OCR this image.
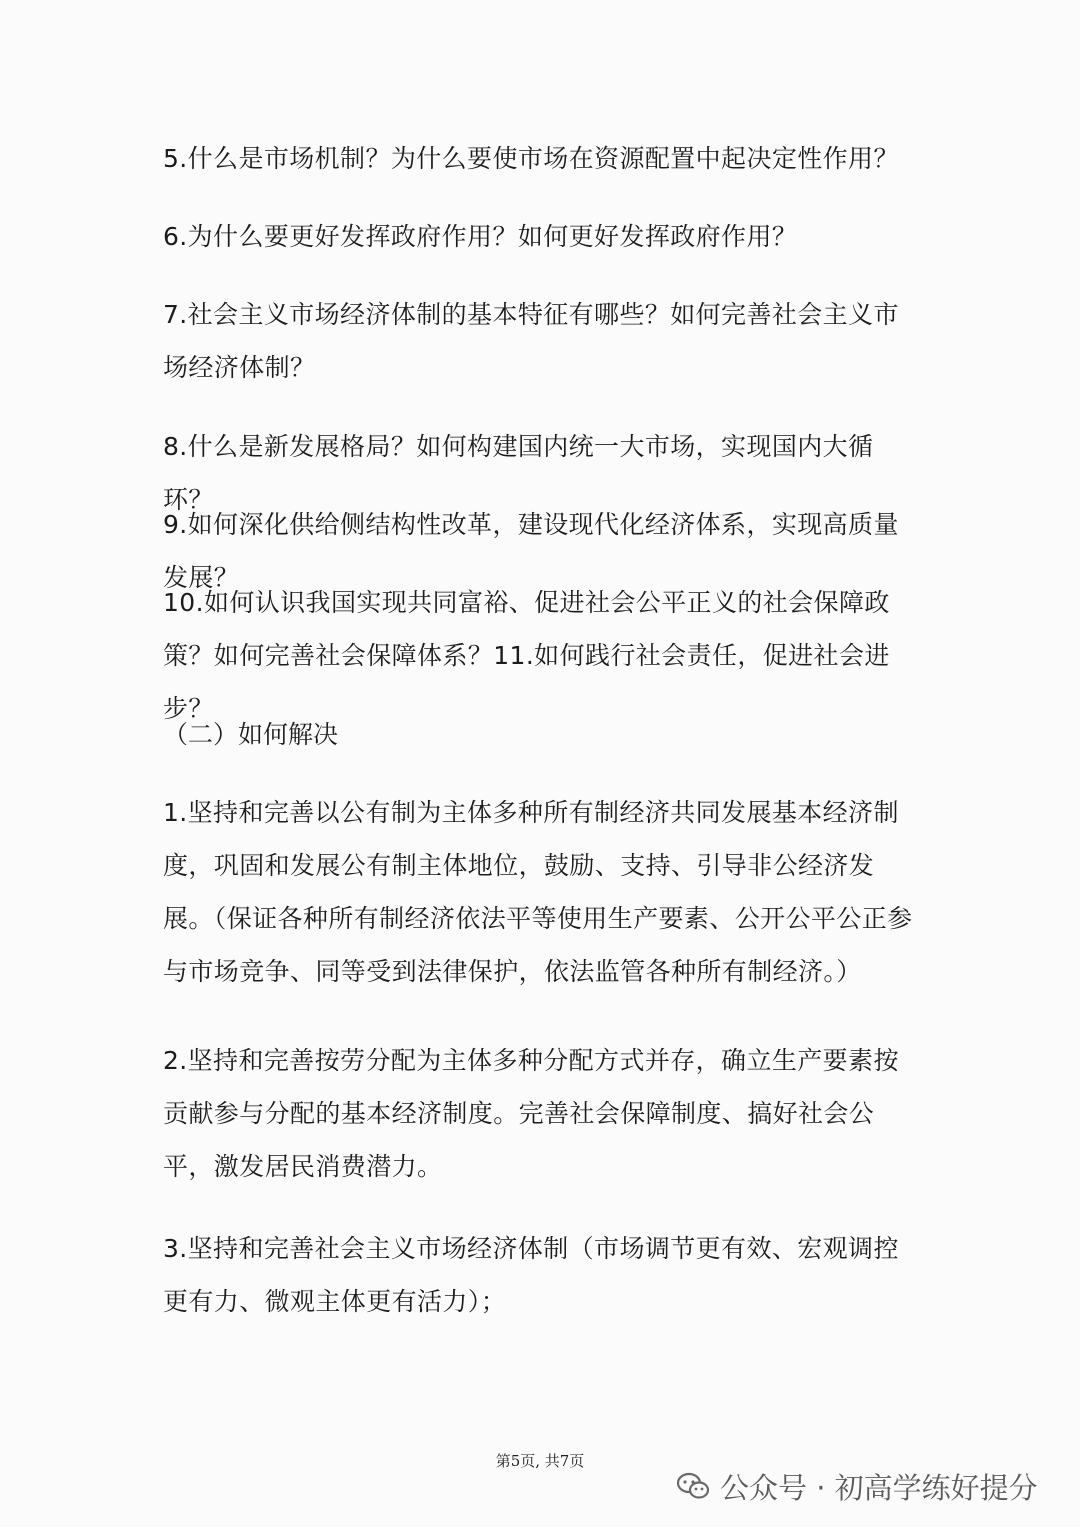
5.什么是市场机制？为什么要使市场在资源配置中起决定性作用？

6.为什么要更好发挥政府作用？如何更好发挥政府作用？

7.社会主义市场经济体制的基本特征有哪些？如何完善社会主义市场经济体制？

8.什么是新发展格局？如何构建国内统一大市场，实现国内大循环？

9.如何深化供给侧结构性改革，建设现代化经济体系，实现高质量发展？

10.如何认识我国实现共同富裕、促进社会公平正义的社会保障政策？如何完善社会保障体系？11.如何践行社会责任，促进社会进步？

（二）如何解决

1.坚持和完善以公有制为主体多种所有制经济共同发展基本经济制度，巩固和发展公有制主体地位，鼓励、支持、引导非公经济发展。（保证各种所有制经济依法平等使用生产要素、公开公平公正参与市场竞争、同等受到法律保护，依法监管各种所有制经济。）

2.坚持和完善按劳分配为主体多种分配方式并存，确立生产要素按贡献参与分配的基本经济制度。完善社会保障制度、搞好社会公平，激发居民消费潜力。

3.坚持和完善社会主义市场经济体制（市场调节更有效、宏观调控更有力、微观主体更有活力）；

第5页, 共7页
公众号 · 初高学练好提分
